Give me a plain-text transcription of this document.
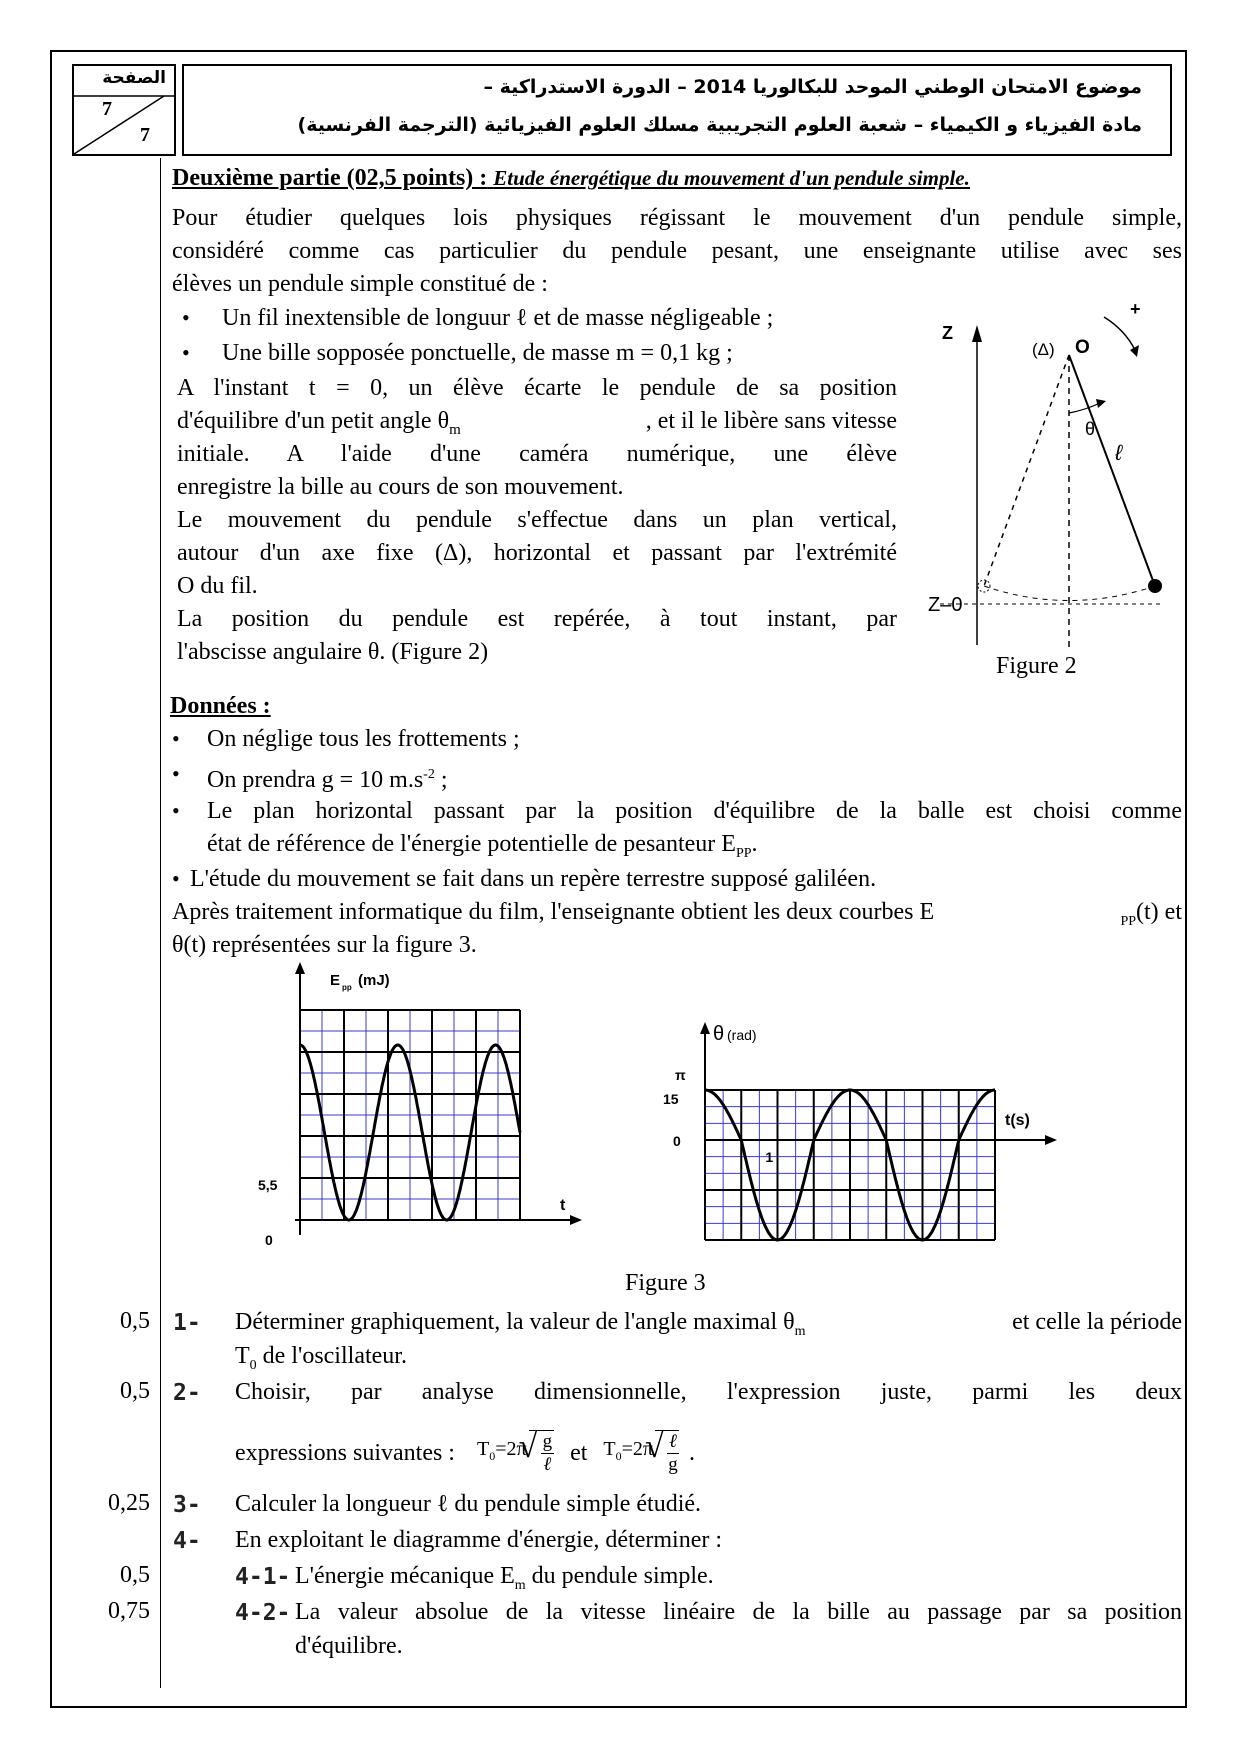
الصفحة
7
7
موضوع الامتحان الوطني الموحد للبكالوريا 2014 – الدورة الاستدراكية –
مادة الفيزياء و الكيمياء – شعبة العلوم التجريبية مسلك العلوم الفيزيائية (الترجمة الفرنسية)
Deuxième partie (02,5 points) : Etude énergétique du mouvement d'un pendule simple.
Pour étudier quelques lois physiques régissant le mouvement d'un pendule simple,
considéré comme cas particulier du pendule pesant, une enseignante utilise avec ses
élèves un pendule simple constitué de :
• Un fil inextensible de longuur ℓ et de masse négligeable ;
• Une bille sopposée ponctuelle, de masse m = 0,1 kg ;
A l'instant t = 0, un élève écarte le pendule de sa position
d'équilibre d'un petit angle $\theta_m$	, et il le libère sans vitesse
initiale. A l'aide d'une caméra numérique, une élève
enregistre la bille au cours de son mouvement.
Le mouvement du pendule s'effectue dans un plan vertical,
autour d'un axe fixe (Δ), horizontal et passant par l'extrémité
O du fil.
La position du pendule est repérée, à tout instant, par
l'abscisse angulaire θ. (Figure 2)
Z
(Δ) O
θ
ℓ
+
Z–0
Figure 2
Données :
• On néglige tous les frottements ;
• On prendra g = 10 $m.s^{-2}$ ;
• Le plan horizontal passant par la position d'équilibre de la balle est choisi comme
état de référence de l'énergie potentielle de pesanteur $E_{PP}$.
• L'étude du mouvement se fait dans un repère terrestre supposé galiléen.
Après traitement informatique du film, l'enseignante obtient les deux courbes E	$_{PP}$(t) et
θ(t) représentées sur la figure 3.
0
5,5
E pp (mJ)
t
π
15
0
1
θ (rad)
t(s)
Figure 3
0,5 1- Déterminer graphiquement, la valeur de l'angle maximal $\theta_m$	et celle la période
$T_0$ de l'oscillateur.
0,5 2- Choisir, par analyse dimensionnelle, l'expression juste, parmi les deux
expressions suivantes : $T_0=2\pi$
√ g
ℓ et $T_0=2\pi$
√ ℓ
g .
0,25 3- Calculer la longueur ℓ du pendule simple étudié.
4- En exploitant le diagramme d'énergie, déterminer :
0,5	4-1- L'énergie mécanique $E_m$ du pendule simple.
0,75	4-2- La valeur absolue de la vitesse linéaire de la bille au passage par sa position
d'équilibre.
